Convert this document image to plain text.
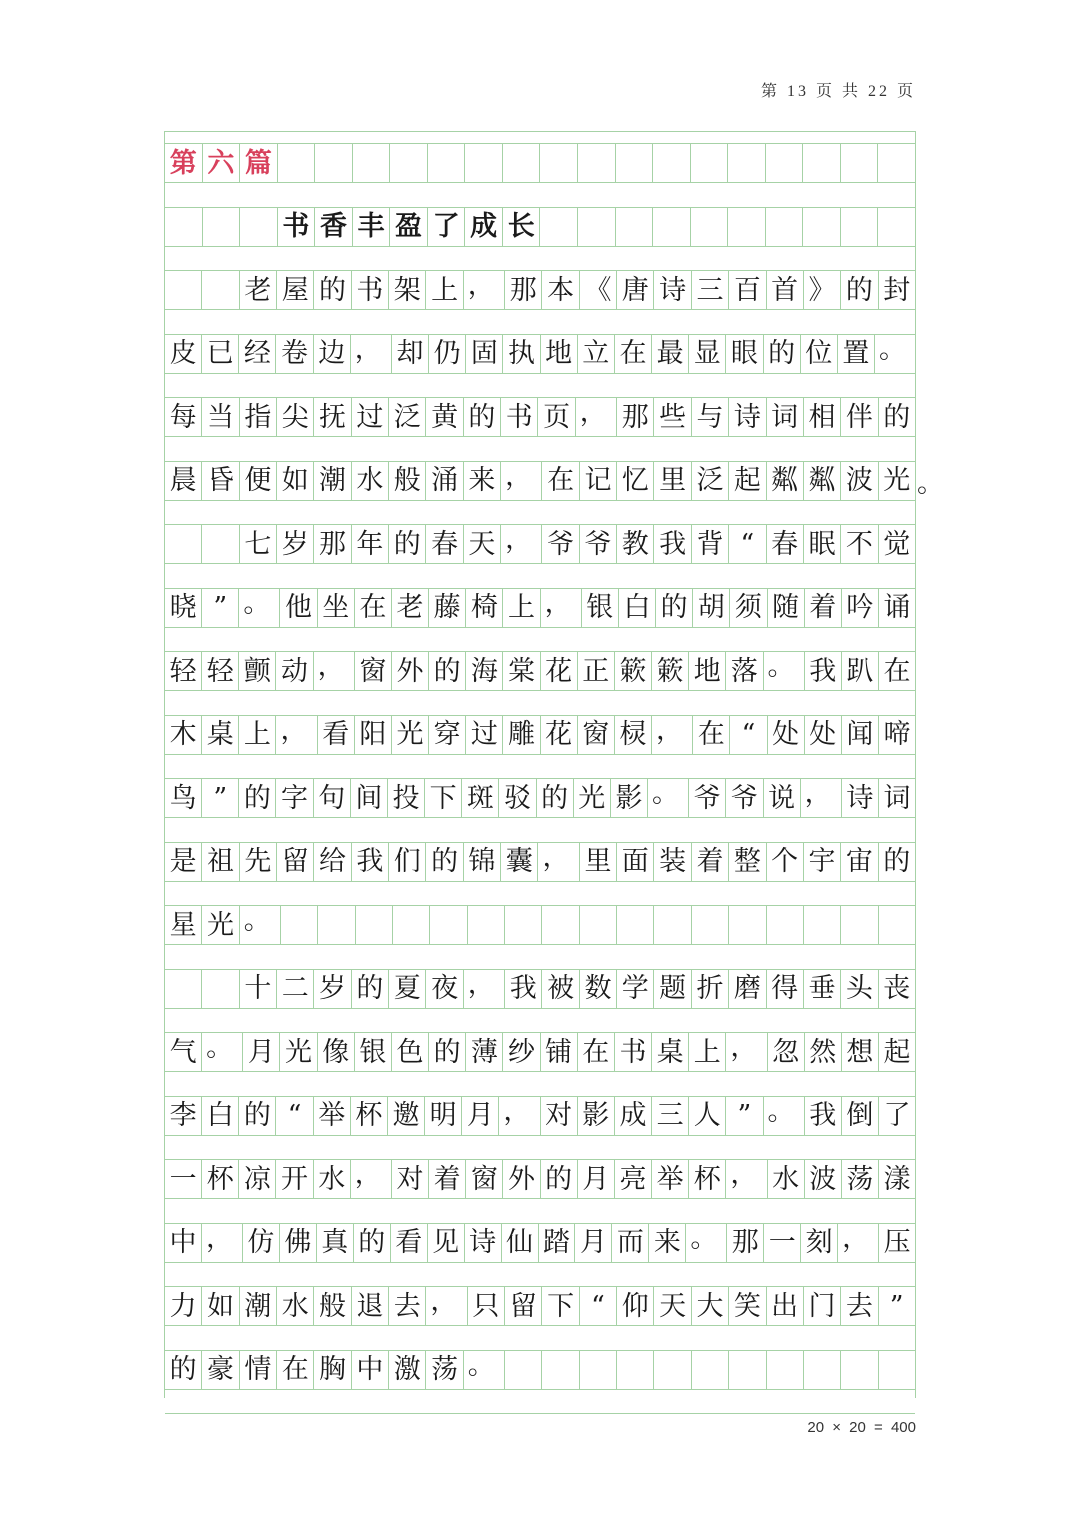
第 13 页 共 22 页
第 六 篇
书 香 丰 盈 了 成 长
老 屋 的 书 架 上 ， 那 本 《 唐 诗 三 百 首 》 的 封
皮 已 经 卷 边 ， 却 仍 固 执 地 立 在 最 显 眼 的 位 置 。
每 当 指 尖 抚 过 泛 黄 的 书 页 ， 那 些 与 诗 词 相 伴 的
晨 昏 便 如 潮 水 般 涌 来 ， 在 记 忆 里 泛 起 粼 粼 波 光 。
七 岁 那 年 的 春 天 ， 爷 爷 教 我 背 “ 春 眠 不 觉
晓 ” 。 他 坐 在 老 藤 椅 上 ， 银 白 的 胡 须 随 着 吟 诵
轻 轻 颤 动 ， 窗 外 的 海 棠 花 正 簌 簌 地 落 。 我 趴 在
木 桌 上 ， 看 阳 光 穿 过 雕 花 窗 棂 ， 在 “ 处 处 闻 啼
鸟 ” 的 字 句 间 投 下 斑 驳 的 光 影 。 爷 爷 说 ， 诗 词
是 祖 先 留 给 我 们 的 锦 囊 ， 里 面 装 着 整 个 宇 宙 的
星 光 。
十 二 岁 的 夏 夜 ， 我 被 数 学 题 折 磨 得 垂 头 丧
气 。 月 光 像 银 色 的 薄 纱 铺 在 书 桌 上 ， 忽 然 想 起
李 白 的 “ 举 杯 邀 明 月 ， 对 影 成 三 人 ” 。 我 倒 了
一 杯 凉 开 水 ， 对 着 窗 外 的 月 亮 举 杯 ， 水 波 荡 漾
中 ， 仿 佛 真 的 看 见 诗 仙 踏 月 而 来 。 那 一 刻 ， 压
力 如 潮 水 般 退 去 ， 只 留 下 “ 仰 天 大 笑 出 门 去 ”
的 豪 情 在 胸 中 激 荡 。
20 × 20 = 400
